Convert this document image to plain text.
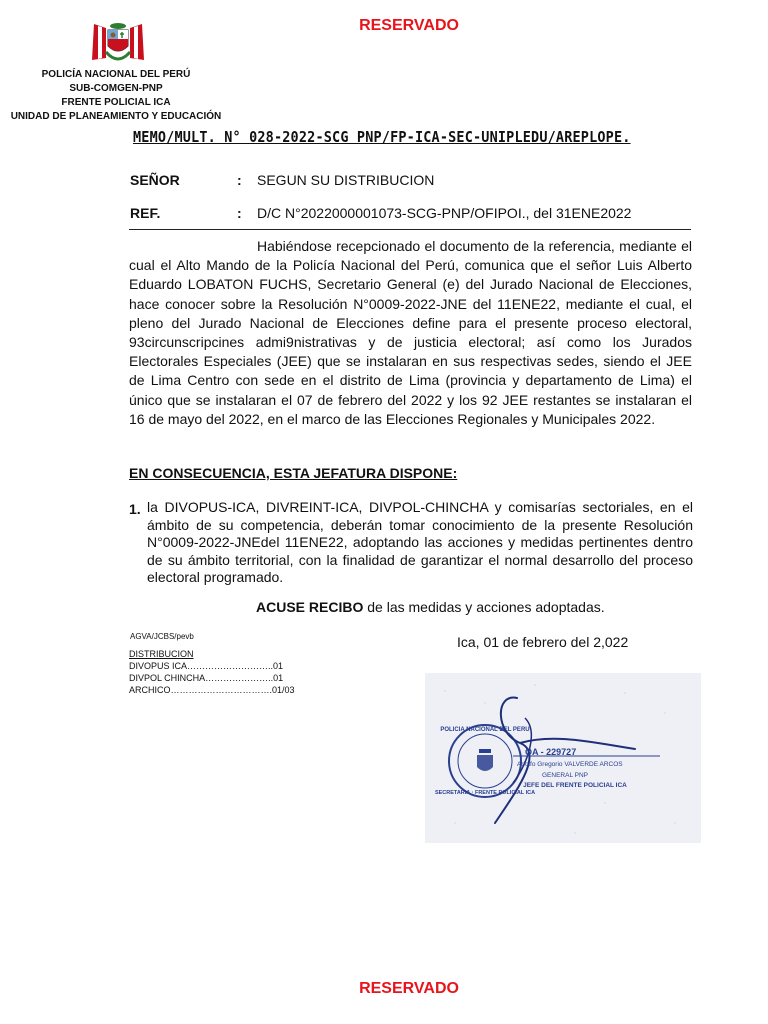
RESERVADO
POLICÍA NACIONAL DEL PERÚ
SUB-COMGEN-PNP
FRENTE POLICIAL ICA
UNIDAD DE PLANEAMIENTO Y EDUCACIÓN
MEMO/MULT. N° 028-2022-SCG PNP/FP-ICA-SEC-UNIPLEDU/AREPLOPE.
SEÑOR	: SEGUN SU DISTRIBUCION
REF.	: D/C N°2022000001073-SCG-PNP/OFIPOI., del 31ENE2022
Habiéndose recepcionado el documento de la referencia, mediante el cual el Alto Mando de la Policía Nacional del Perú, comunica que el señor Luis Alberto Eduardo LOBATON FUCHS, Secretario General (e) del Jurado Nacional de Elecciones, hace conocer sobre la Resolución N°0009-2022-JNE del 11ENE22, mediante el cual, el pleno del Jurado Nacional de Elecciones define para el presente proceso electoral, 93circunscripcines admi9nistrativas y de justicia electoral; así como los Jurados Electorales Especiales (JEE) que se instalaran en sus respectivas sedes, siendo el JEE de Lima Centro con sede en el distrito de Lima (provincia y departamento de Lima) el único que se instalaran el 07 de febrero del 2022 y los 92 JEE restantes se instalaran el 16 de mayo del 2022, en el marco de las Elecciones Regionales y Municipales 2022.
EN CONSECUENCIA, ESTA JEFATURA DISPONE:
1. la DIVOPUS-ICA, DIVREINT-ICA, DIVPOL-CHINCHA y comisarías sectoriales, en el ámbito de su competencia, deberán tomar conocimiento de la presente Resolución N°0009-2022-JNEdel 11ENE22, adoptando las acciones y medidas pertinentes dentro de su ámbito territorial, con la finalidad de garantizar el normal desarrollo del proceso electoral programado.
ACUSE RECIBO de las medidas y acciones adoptadas.
AGVA/JCBS/pevb	Ica, 01 de febrero del 2,022
DISTRIBUCION
DIVOPUS ICA………………………..01
DIVPOL CHINCHA…………………..01
ARCHICO…………………………….01/03
POLICIA NACIONAL DEL PERU
SECRETARIA · FRENTE POLICIAL ICA
OA - 229727
Adolfo Gregorio VALVERDE ARCOS
GENERAL PNP
JEFE DEL FRENTE POLICIAL ICA
RESERVADO
